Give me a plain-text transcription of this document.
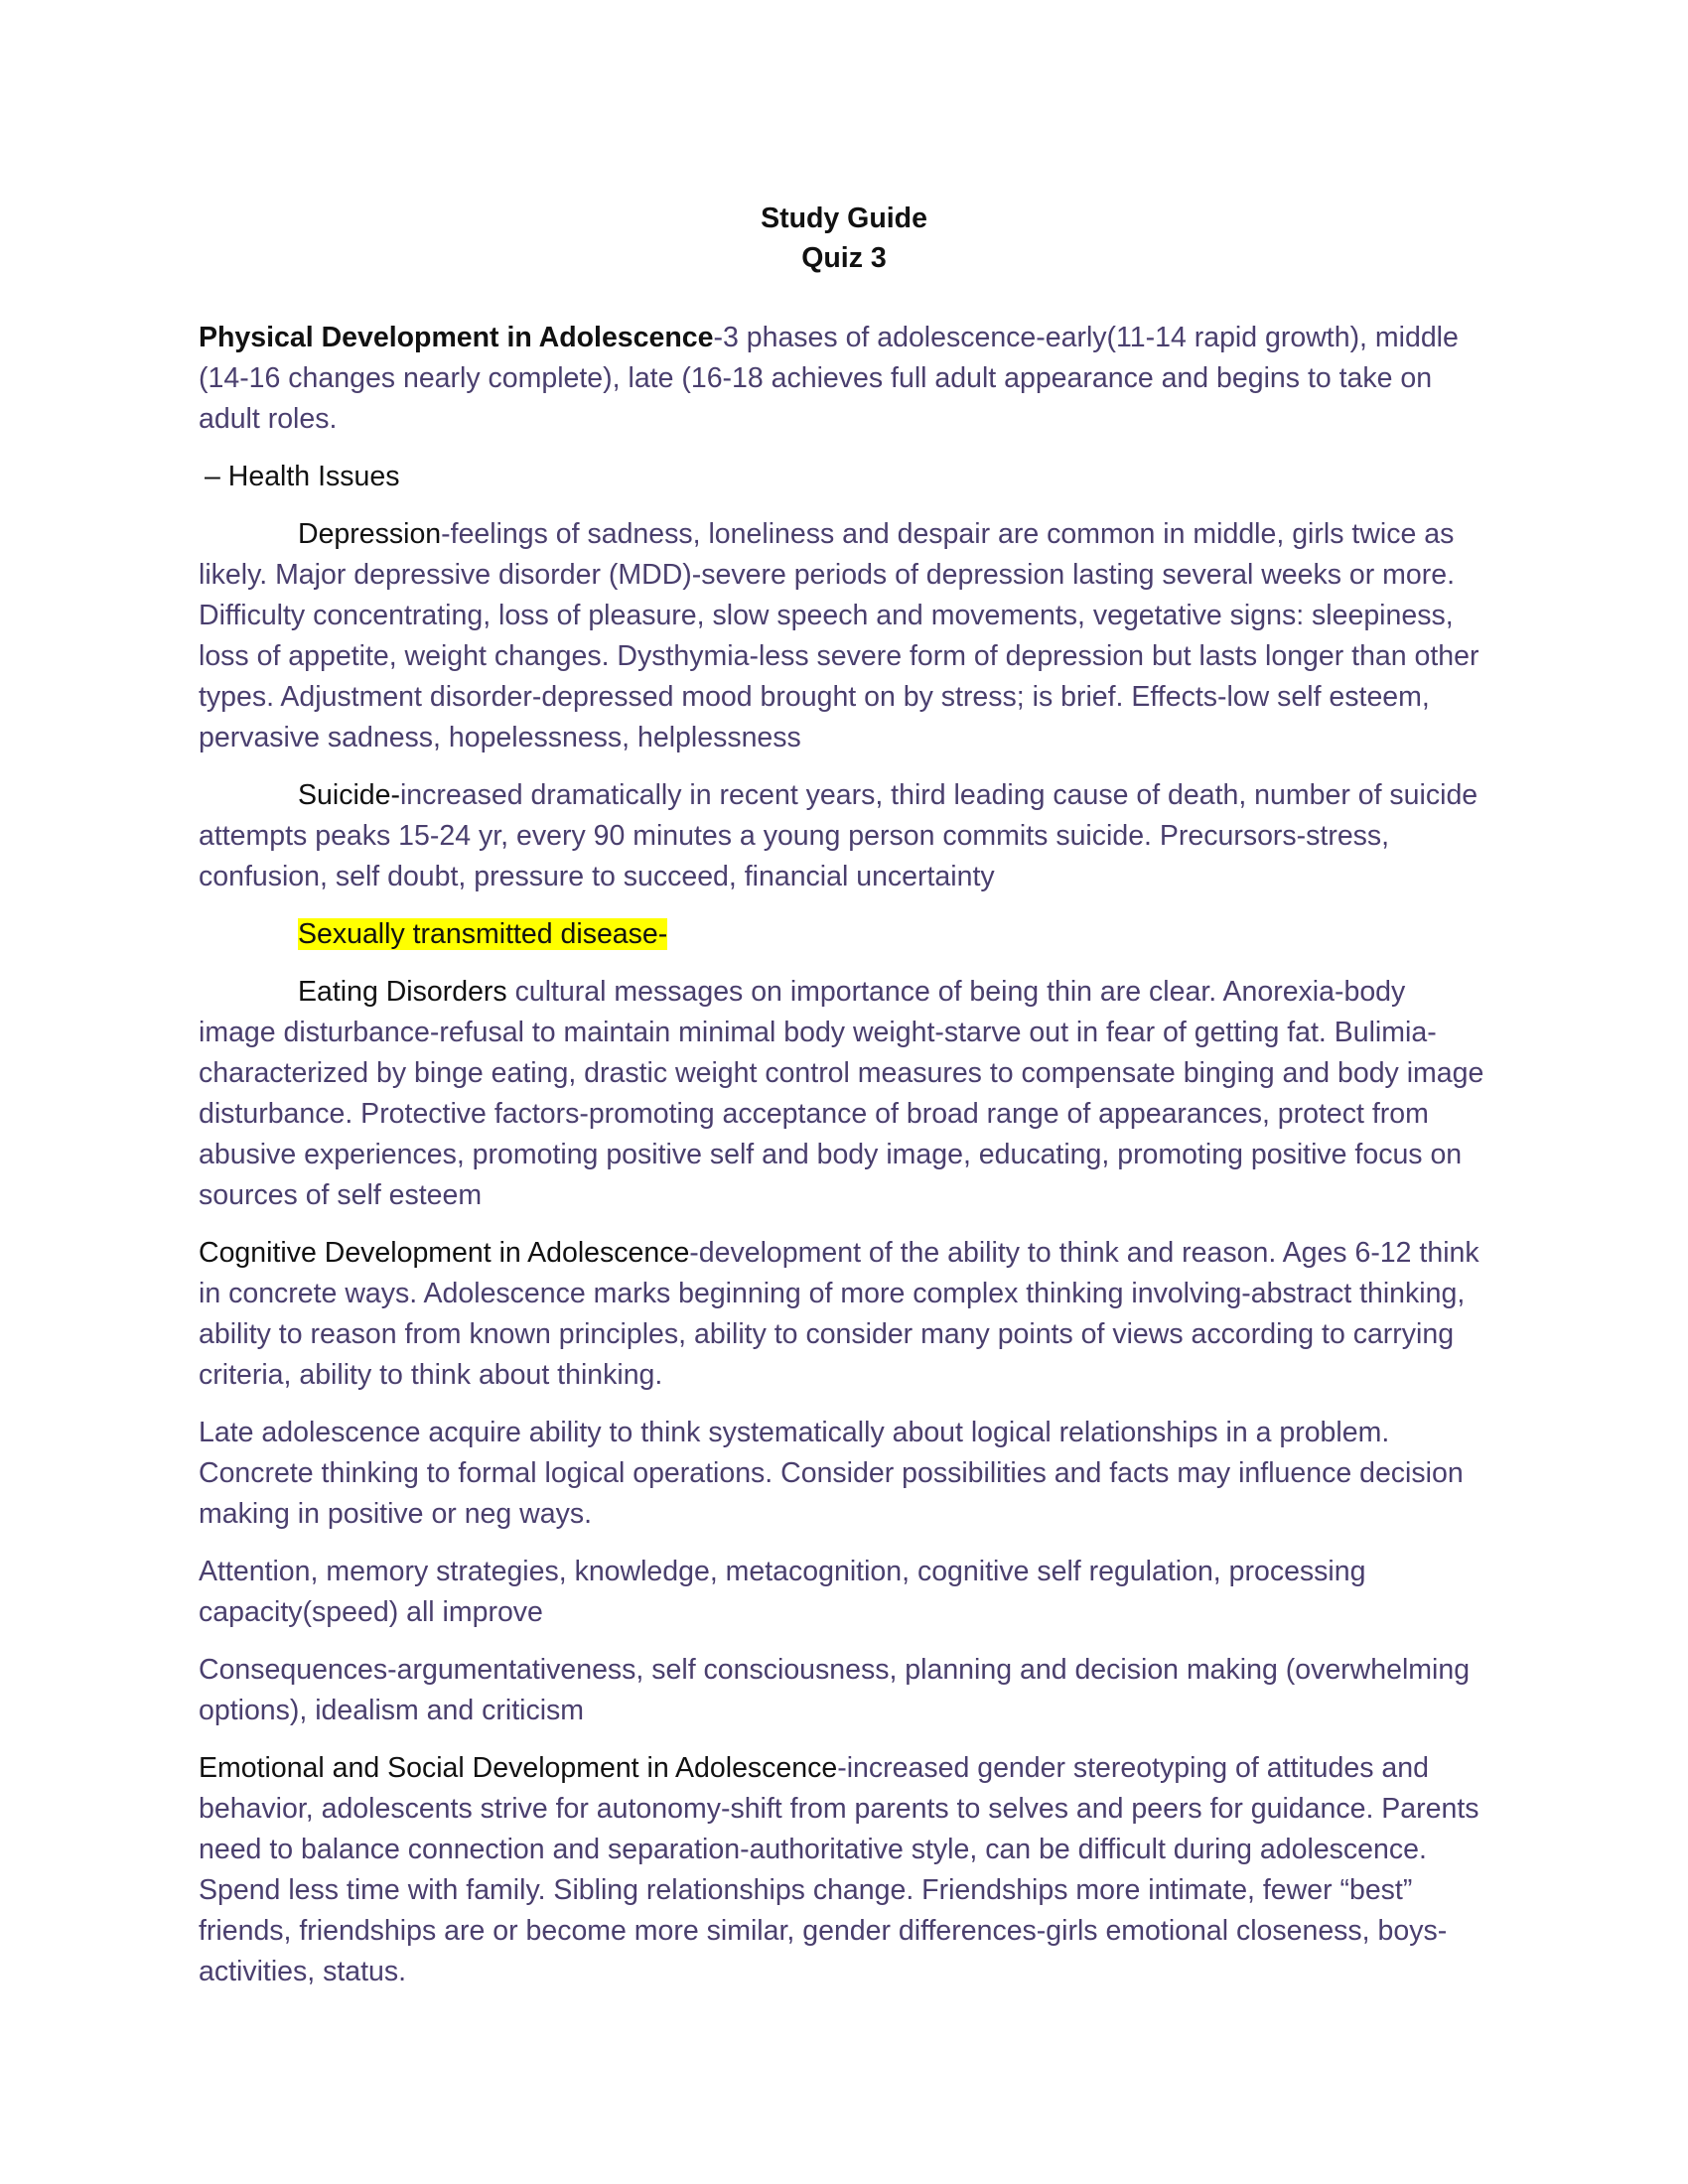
Study Guide
Quiz 3

Physical Development in Adolescence-3 phases of adolescence-early(11-14 rapid growth), middle (14-16 changes nearly complete), late (16-18 achieves full adult appearance and begins to take on adult roles.

– Health Issues

Depression-feelings of sadness, loneliness and despair are common in middle, girls twice as likely. Major depressive disorder (MDD)-severe periods of depression lasting several weeks or more. Difficulty concentrating, loss of pleasure, slow speech and movements, vegetative signs: sleepiness, loss of appetite, weight changes. Dysthymia-less severe form of depression but lasts longer than other types. Adjustment disorder-depressed mood brought on by stress; is brief. Effects-low self esteem, pervasive sadness, hopelessness, helplessness

Suicide-increased dramatically in recent years, third leading cause of death, number of suicide attempts peaks 15-24 yr, every 90 minutes a young person commits suicide. Precursors-stress, confusion, self doubt, pressure to succeed, financial uncertainty

Sexually transmitted disease-

Eating Disorders cultural messages on importance of being thin are clear. Anorexia-body image disturbance-refusal to maintain minimal body weight-starve out in fear of getting fat. Bulimia-characterized by binge eating, drastic weight control measures to compensate binging and body image disturbance. Protective factors-promoting acceptance of broad range of appearances, protect from abusive experiences, promoting positive self and body image, educating, promoting positive focus on sources of self esteem

Cognitive Development in Adolescence-development of the ability to think and reason. Ages 6-12 think in concrete ways. Adolescence marks beginning of more complex thinking involving-abstract thinking, ability to reason from known principles, ability to consider many points of views according to carrying criteria, ability to think about thinking.

Late adolescence acquire ability to think systematically about logical relationships in a problem. Concrete thinking to formal logical operations. Consider possibilities and facts may influence decision making in positive or neg ways.

Attention, memory strategies, knowledge, metacognition, cognitive self regulation, processing capacity(speed) all improve

Consequences-argumentativeness, self consciousness, planning and decision making (overwhelming options), idealism and criticism

Emotional and Social Development in Adolescence-increased gender stereotyping of attitudes and behavior, adolescents strive for autonomy-shift from parents to selves and peers for guidance. Parents need to balance connection and separation-authoritative style, can be difficult during adolescence. Spend less time with family. Sibling relationships change. Friendships more intimate, fewer “best” friends, friendships are or become more similar, gender differences-girls emotional closeness, boys-activities, status.
